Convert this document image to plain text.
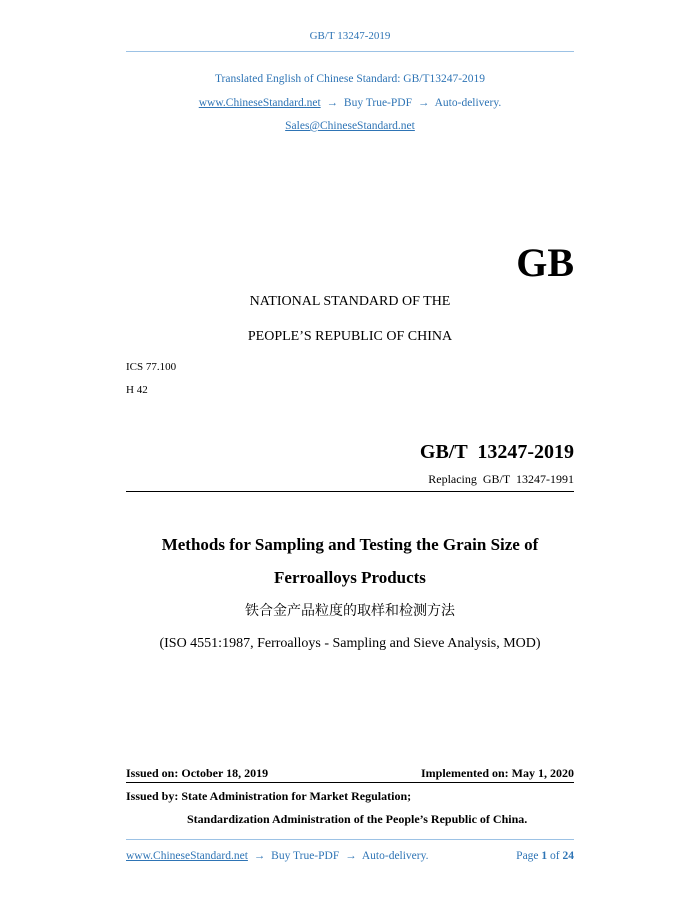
GB/T 13247-2019
Translated English of Chinese Standard: GB/T13247-2019
www.ChineseStandard.net → Buy True-PDF → Auto-delivery.
Sales@ChineseStandard.net
GB
NATIONAL STANDARD OF THE
PEOPLE’S REPUBLIC OF CHINA
ICS 77.100
H 42
GB/T  13247-2019
Replacing  GB/T  13247-1991
Methods for Sampling and Testing the Grain Size of
Ferroalloys Products
铁合金产品粒度的取样和检测方法
(ISO 4551:1987, Ferroalloys - Sampling and Sieve Analysis, MOD)
Issued on: October 18, 2019	Implemented on: May 1, 2020
Issued by: State Administration for Market Regulation;
Standardization Administration of the People’s Republic of China.
www.ChineseStandard.net → Buy True-PDF → Auto-delivery.	Page 1 of 24
